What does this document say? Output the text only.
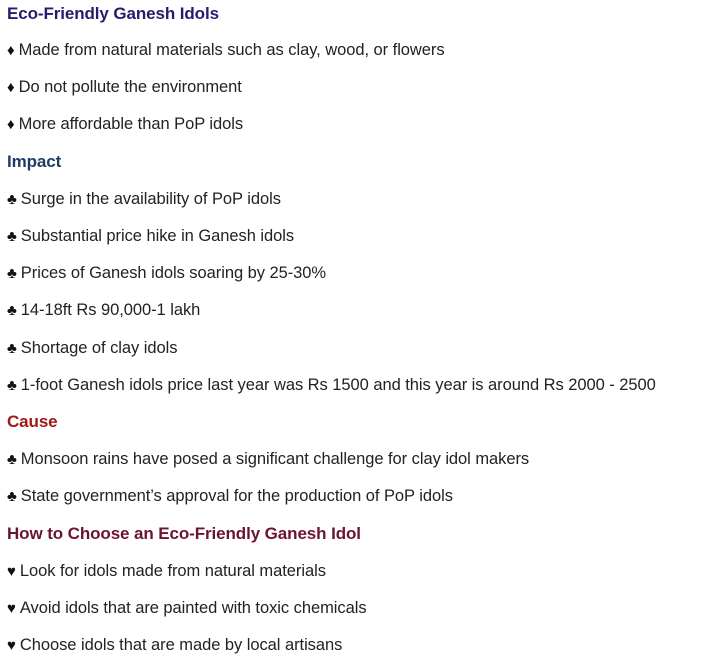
Eco-Friendly Ganesh Idols
♦ Made from natural materials such as clay, wood, or flowers
♦ Do not pollute the environment
♦ More affordable than PoP idols
Impact
♣ Surge in the availability of PoP idols
♣ Substantial price hike in Ganesh idols
♣ Prices of Ganesh idols soaring by 25-30%
♣ 14-18ft Rs 90,000-1 lakh
♣ Shortage of clay idols
♣ 1-foot Ganesh idols price last year was Rs 1500 and this year is around Rs 2000 - 2500
Cause
♣ Monsoon rains have posed a significant challenge for clay idol makers
♣ State government’s approval for the production of PoP idols
How to Choose an Eco-Friendly Ganesh Idol
♥ Look for idols made from natural materials
♥ Avoid idols that are painted with toxic chemicals
♥ Choose idols that are made by local artisans
